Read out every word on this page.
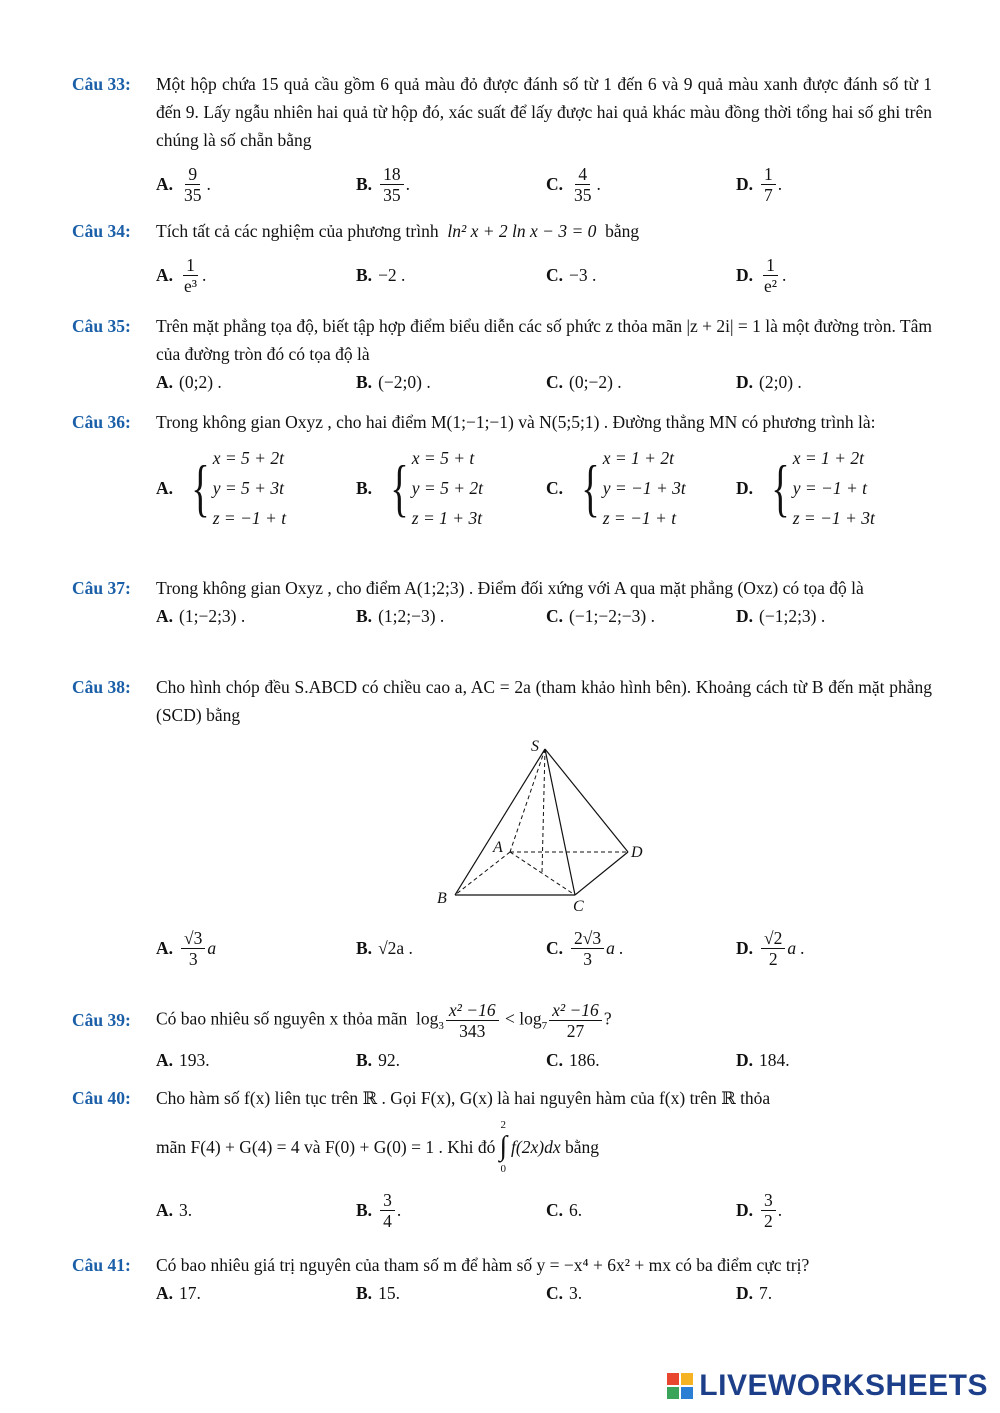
Câu 33:	Một hộp chứa 15 quả cầu gồm 6 quả màu đỏ được đánh số từ 1 đến 6 và 9 quả màu xanh được đánh số từ 1 đến 9. Lấy ngẫu nhiên hai quả từ hộp đó, xác suất để lấy được hai quả khác màu đồng thời tổng hai số ghi trên chúng là số chẵn bằng
A. $\frac{9}{35}$ .	B. $\frac{18}{35}$ .	C. $\frac{4}{35}$ .	D. $\frac{1}{7}$ .
Câu 34:	Tích tất cả các nghiệm của phương trình ln² x + 2 ln x − 3 = 0 bằng
A. $\frac{1}{\text{e³}}$ .	B. −2 .	C. −3 .	D. $\frac{1}{\text{e²}}$ .
Câu 35:	Trên mặt phẳng tọa độ, biết tập hợp điểm biểu diễn các số phức z thỏa mãn |z + 2i| = 1 là một đường tròn. Tâm của đường tròn đó có tọa độ là
A. (0;2) .	B. (−2;0) .	C. (0;−2) .	D. (2;0) .
Câu 36:	Trong không gian Oxyz , cho hai điểm M(1;−1;−1) và N(5;5;1) . Đường thẳng MN có phương trình là:
A. { x = 5 + 2t
y = 5 + 3t
z = −1 + t
B. { x = 5 + t
y = 5 + 2t
z = 1 + 3t
C. { x = 1 + 2t
y = −1 + 3t
z = −1 + t
D. { x = 1 + 2t
y = −1 + t
z = −1 + 3t
Câu 37:	Trong không gian Oxyz , cho điểm A(1;2;3) . Điểm đối xứng với A qua mặt phẳng (Oxz) có tọa độ là
A. (1;−2;3) .	B. (1;2;−3) .	C. (−1;−2;−3) .	D. (−1;2;3) .
Câu 38:	Cho hình chóp đều S.ABCD có chiều cao a, AC = 2a (tham khảo hình bên). Khoảng cách từ B đến mặt phẳng (SCD) bằng
S
A
B	C
D
A. $\frac{√3}{3}$ a	B. √2a .	C. $\frac{2√3}{3}$ a .	D. $\frac{√2}{2}$ a .
Câu 39:	Có bao nhiêu số nguyên x thỏa mãn $\log_3 \frac{\text{x² −16}}{343} < \log_7 \frac{\text{x² −16}}{27}$ ?
A. 193.	B. 92.	C. 186.	D. 184.
Câu 40:	Cho hàm số f(x) liên tục trên ℝ . Gọi F(x), G(x) là hai nguyên hàm của f(x) trên ℝ thỏa
mãn F(4) + G(4) = 4 và F(0) + G(0) = 1 . Khi đó
2
∫
0
f(2x)dx
bằng
A. 3.	B. $\frac{3}{4}$ .	C. 6.	D. $\frac{3}{2}$ .
Câu 41:	Có bao nhiêu giá trị nguyên của tham số m để hàm số y = −x⁴ + 6x² + mx có ba điểm cực trị?
A. 17.	B. 15.	C. 3.	D. 7.
LIVEWORKSHEETS
